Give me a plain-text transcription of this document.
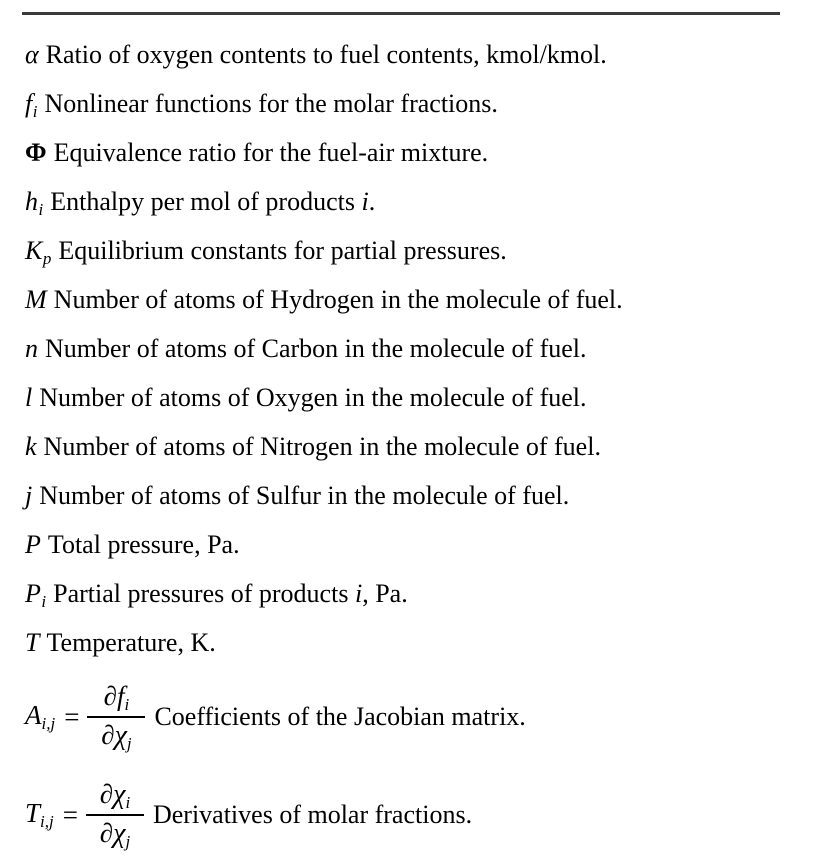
α Ratio of oxygen contents to fuel contents, kmol/kmol.
$f_i$ Nonlinear functions for the molar fractions.
Φ Equivalence ratio for the fuel-air mixture.
$h_i$ Enthalpy per mol of products i.
$K_p$ Equilibrium constants for partial pressures.
M Number of atoms of Hydrogen in the molecule of fuel.
n Number of atoms of Carbon in the molecule of fuel.
l Number of atoms of Oxygen in the molecule of fuel.
k Number of atoms of Nitrogen in the molecule of fuel.
j Number of atoms of Sulfur in the molecule of fuel.
P Total pressure, Pa.
$P_i$ Partial pressures of products i, Pa.
T Temperature, K.
$Ai,j = \frac{\partial f_i}{\partial\chi_j}$ Coefficients of the Jacobian matrix.
$Ti,j = \frac{\partial\chi_i}{\partial\chi_j}$ Derivatives of molar fractions.
